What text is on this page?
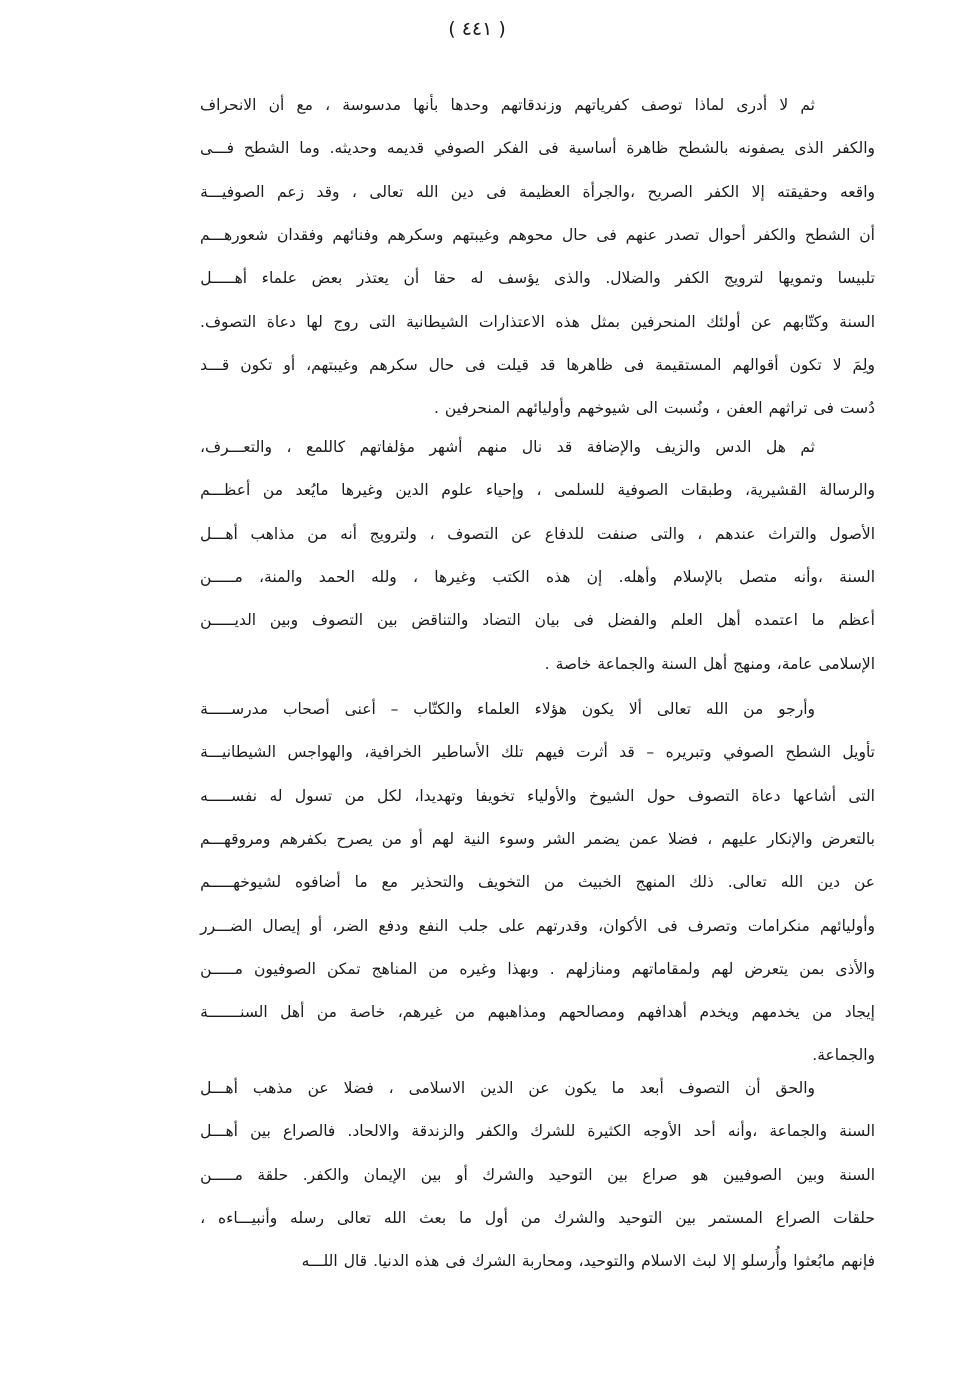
( ٤٤١ )
ثم
لا
أدرى
لماذا
توصف
كفرياتهم
وزندقاتهم
وحدها
بأنها
مدسوسة
،
مع
أن
الانحراف
والكفر
الذى
يصفونه
بالشطح
ظاهرة
أساسية
فى
الفكر
الصوفي
قديمه
وحديثه.
وما
الشطح
فـــى
واقعه
وحقيقته
إلا
الكفر
الصريح
،والجرأة
العظيمة
فى
دين
الله
تعالى
،
وقد
زعم
الصوفيـــة
أن
الشطح
والكفر
أحوال
تصدر
عنهم
فى
حال
محوهم
وغيبتهم
وسكرهم
وفنائهم
وفقدان
شعورهـــم
تلبيسا
وتمويها
لترويج
الكفر
والضلال.
والذى
يؤسف
له
حقا
أن
يعتذر
بعض
علماء
أهـــــل
السنة
وكتّابهم
عن
أولئك
المنحرفين
بمثل
هذه
الاعتذارات
الشيطانية
التى
روج
لها
دعاة
التصوف.
ولِمَ
لا
تكون
أقوالهم
المستقيمة
فى
ظاهرها
قد
قيلت
فى
حال
سكرهم
وغيبتهم،
أو
تكون
قـــد
دُست
فى
تراثهم
العفن
،
ونُسبت
الى
شيوخهم
وأوليائهم
المنحرفين
.
ثم
هل
الدس
والزيف
والإضافة
قد
نال
منهم
أشهر
مؤلفاتهم
كاللمع
،
والتعـــرف،
والرسالة
القشيرية،
وطبقات
الصوفية
للسلمى
،
وإحياء
علوم
الدين
وغيرها
مايُعد
من
أعظـــم
الأصول
والتراث
عندهم
،
والتى
صنفت
للدفاع
عن
التصوف
،
ولترويج
أنه
من
مذاهب
أهـــل
السنة
،وأنه
متصل
بالإسلام
وأهله.
إن
هذه
الكتب
وغيرها
،
ولله
الحمد
والمنة،
مـــــن
أعظم
ما
اعتمده
أهل
العلم
والفضل
فى
بيان
التضاد
والتناقض
بين
التصوف
وبين
الديـــــن
الإسلامى
عامة،
ومنهج
أهل
السنة
والجماعة
خاصة
.
وأرجو
من
الله
تعالى
ألا
يكون
هؤلاء
العلماء
والكتّاب
–
أعنى
أصحاب
مدرســـــة
تأويل
الشطح
الصوفي
وتبريره
–
قد
أثرت
فيهم
تلك
الأساطير
الخرافية،
والهواجس
الشيطانيـــة
التى
أشاعها
دعاة
التصوف
حول
الشيوخ
والأولياء
تخويفا
وتهديدا،
لكل
من
تسول
له
نفســـــه
بالتعرض
والإنكار
عليهم
،
فضلا
عمن
يضمر
الشر
وسوء
النية
لهم
أو
من
يصرح
بكفرهم
ومروقهـــم
عن
دين
الله
تعالى.
ذلك
المنهج
الخبيث
من
التخويف
والتحذير
مع
ما
أضافوه
لشيوخهـــــم
وأوليائهم
منكرامات
وتصرف
فى
الأكوان،
وقدرتهم
على
جلب
النفع
ودفع
الضر،
أو
إيصال
الضـــرر
والأذى
بمن
يتعرض
لهم
ولمقاماتهم
ومنازلهم
.
وبهذا
وغيره
من
المناهج
تمكن
الصوفيون
مـــــن
إيجاد
من
يخدمهم
ويخدم
أهدافهم
ومصالحهم
ومذاهبهم
من
غيرهم،
خاصة
من
أهل
السنـــــــة
والجماعة.
والحق
أن
التصوف
أبعد
ما
يكون
عن
الدين
الاسلامى
،
فضلا
عن
مذهب
أهـــل
السنة
والجماعة
،وأنه
أحد
الأوجه
الكثيرة
للشرك
والكفر
والزندقة
والالحاد.
فالصراع
بين
أهـــل
السنة
وبين
الصوفيين
هو
صراع
بين
التوحيد
والشرك
أو
بين
الإيمان
والكفر.
حلقة
مـــــن
حلقات
الصراع
المستمر
بين
التوحيد
والشرك
من
أول
ما
بعث
الله
تعالى
رسله
وأنبيـــاءه
،
فإنهم
مابُعثوا
وأُرسلو
إلا
لبث
الاسلام
والتوحيد،
ومحاربة
الشرك
فى
هذه
الدنيا.
قال
اللـــه
